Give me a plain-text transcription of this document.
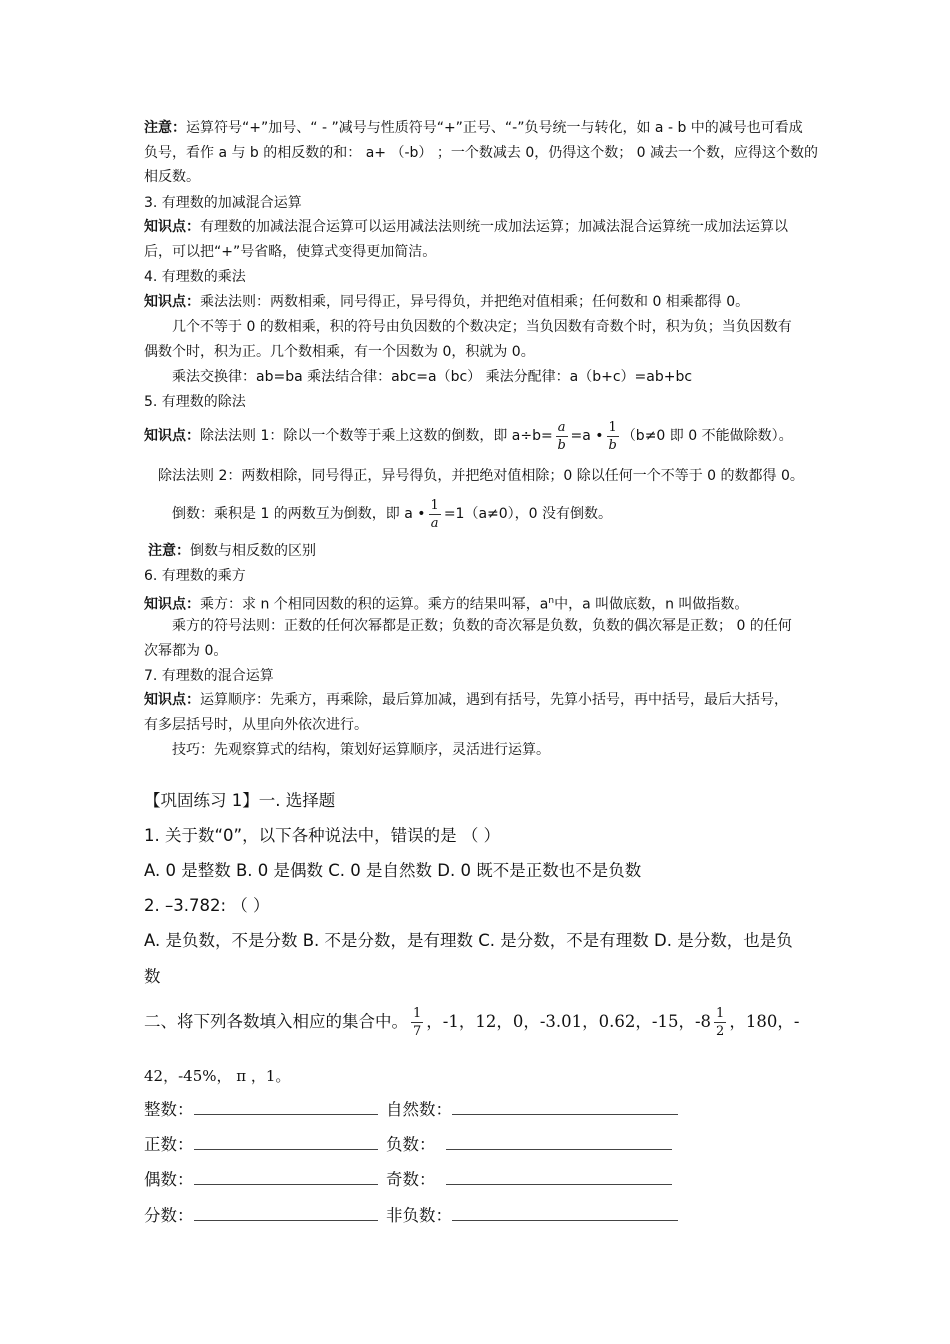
注意：运算符号“+”加号、“ - ”减号与性质符号“+”正号、“-”负号统一与转化，如 a - b 中的减号也可看成
负号，看作 a 与 b 的相反数的和： a+ （-b） ；一个数减去 0，仍得这个数； 0 减去一个数，应得这个数的
相反数。
3. 有理数的加减混合运算
知识点：有理数的加减法混合运算可以运用减法法则统一成加法运算；加减法混合运算统一成加法运算以
后，可以把“+”号省略，使算式变得更加简洁。
4. 有理数的乘法
知识点：乘法法则：两数相乘，同号得正，异号得负，并把绝对值相乘；任何数和 0 相乘都得 0。
几个不等于 0 的数相乘，积的符号由负因数的个数决定；当负因数有奇数个时，积为负；当负因数有
偶数个时，积为正。几个数相乘，有一个因数为 0，积就为 0。
乘法交换律：ab=ba 乘法结合律：abc=a（bc） 乘法分配律：a（b+c）=ab+bc
5. 有理数的除法
知识点：除法法则 1：除以一个数等于乘上这数的倒数，即 $a\div b= \frac{a}{b} =a$ • $\frac{1}{b} (b\ne 0$ 即 0 不能做除数）。
除法法则 2：两数相除，同号得正，异号得负，并把绝对值相除；0 除以任何一个不等于 0 的数都得 0。
倒数：乘积是 1 的两数互为倒数，即 a • $\frac{1}{a} =1(a\ne 0)$，0 没有倒数。
注意：倒数与相反数的区别
6. 有理数的乘方
知识点：乘方：求 n 个相同因数的积的运算。乘方的结果叫幂，$a^n$中，a 叫做底数，n 叫做指数。
乘方的符号法则：正数的任何次幂都是正数；负数的奇次幂是负数，负数的偶次幂是正数； 0 的任何
次幂都为 0。
7. 有理数的混合运算
知识点：运算顺序：先乘方，再乘除，最后算加减，遇到有括号，先算小括号，再中括号，最后大括号，
有多层括号时，从里向外依次进行。
技巧：先观察算式的结构，策划好运算顺序，灵活进行运算。
【巩固练习 1】一. 选择题
1. 关于数“0”，以下各种说法中，错误的是 （ ）
A. 0 是整数 B. 0 是偶数 C. 0 是自然数 D. 0 既不是正数也不是负数
2. –3.782: （ ）
A. 是负数，不是分数 B. 不是分数，是有理数 C. 是分数，不是有理数 D. 是分数，也是负
数
二、将下列各数填入相应的集合中。 $\frac{1}{7}$ ，-1，12，0，-3.01，0.62，-15，$-8 \frac{1}{2}$ ，180，-
42，-45%， π ，1。
整数：	自然数：
正数：	负数：
偶数：	奇数：
分数：	非负数：
